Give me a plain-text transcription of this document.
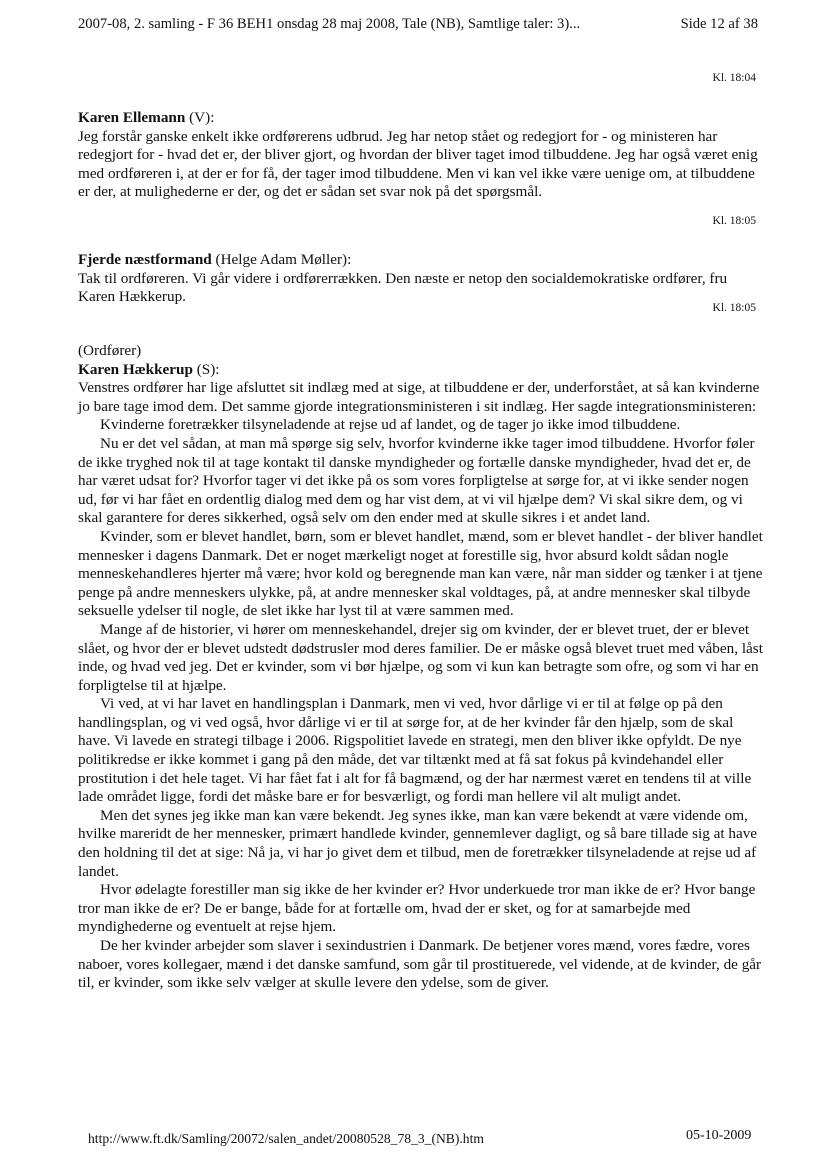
2007-08, 2. samling - F 36 BEH1 onsdag 28 maj 2008, Tale (NB), Samtlige taler: 3)...	Side 12 af 38
Kl. 18:04
Karen Ellemann (V):

Jeg forstår ganske enkelt ikke ordførerens udbrud. Jeg har netop stået og redegjort for - og ministeren har redegjort for - hvad det er, der bliver gjort, og hvordan der bliver taget imod tilbuddene. Jeg har også været enig med ordføreren i, at der er for få, der tager imod tilbuddene. Men vi kan vel ikke være uenige om, at tilbuddene er der, at mulighederne er der, og det er sådan set svar nok på det spørgsmål.

Kl. 18:05
Fjerde næstformand (Helge Adam Møller):

Tak til ordføreren. Vi går videre i ordførerrækken. Den næste er netop den socialdemokratiske ordfører, fru Karen Hækkerup.

Kl. 18:05
(Ordfører)
Karen Hækkerup (S):

Venstres ordfører har lige afsluttet sit indlæg med at sige, at tilbuddene er der, underforstået, at så kan kvinderne jo bare tage imod dem. Det samme gjorde integrationsministeren i sit indlæg. Her sagde integrationsministeren:

Kvinderne foretrækker tilsyneladende at rejse ud af landet, og de tager jo ikke imod tilbuddene.

Nu er det vel sådan, at man må spørge sig selv, hvorfor kvinderne ikke tager imod tilbuddene. Hvorfor føler de ikke tryghed nok til at tage kontakt til danske myndigheder og fortælle danske myndigheder, hvad det er, de har været udsat for? Hvorfor tager vi det ikke på os som vores forpligtelse at sørge for, at vi ikke sender nogen ud, før vi har fået en ordentlig dialog med dem og har vist dem, at vi vil hjælpe dem? Vi skal sikre dem, og vi skal garantere for deres sikkerhed, også selv om den ender med at skulle sikres i et andet land.

Kvinder, som er blevet handlet, børn, som er blevet handlet, mænd, som er blevet handlet - der bliver handlet mennesker i dagens Danmark. Det er noget mærkeligt noget at forestille sig, hvor absurd koldt sådan nogle menneskehandleres hjerter må være; hvor kold og beregnende man kan være, når man sidder og tænker i at tjene penge på andre menneskers ulykke, på, at andre mennesker skal voldtages, på, at andre mennesker skal tilbyde seksuelle ydelser til nogle, de slet ikke har lyst til at være sammen med.

Mange af de historier, vi hører om menneskehandel, drejer sig om kvinder, der er blevet truet, der er blevet slået, og hvor der er blevet udstedt dødstrusler mod deres familier. De er måske også blevet truet med våben, låst inde, og hvad ved jeg. Det er kvinder, som vi bør hjælpe, og som vi kun kan betragte som ofre, og som vi har en forpligtelse til at hjælpe.

Vi ved, at vi har lavet en handlingsplan i Danmark, men vi ved, hvor dårlige vi er til at følge op på den handlingsplan, og vi ved også, hvor dårlige vi er til at sørge for, at de her kvinder får den hjælp, som de skal have. Vi lavede en strategi tilbage i 2006. Rigspolitiet lavede en strategi, men den bliver ikke opfyldt. De nye politikredse er ikke kommet i gang på den måde, det var tiltænkt med at få sat fokus på kvindehandel eller prostitution i det hele taget. Vi har fået fat i alt for få bagmænd, og der har nærmest været en tendens til at ville lade området ligge, fordi det måske bare er for besværligt, og fordi man hellere vil alt muligt andet.

Men det synes jeg ikke man kan være bekendt. Jeg synes ikke, man kan være bekendt at være vidende om, hvilke mareridt de her mennesker, primært handlede kvinder, gennemlever dagligt, og så bare tillade sig at have den holdning til det at sige: Nå ja, vi har jo givet dem et tilbud, men de foretrækker tilsyneladende at rejse ud af landet.

Hvor ødelagte forestiller man sig ikke de her kvinder er? Hvor underkuede tror man ikke de er? Hvor bange tror man ikke de er? De er bange, både for at fortælle om, hvad der er sket, og for at samarbejde med myndighederne og eventuelt at rejse hjem.

De her kvinder arbejder som slaver i sexindustrien i Danmark. De betjener vores mænd, vores fædre, vores naboer, vores kollegaer, mænd i det danske samfund, som går til prostituerede, vel vidende, at de kvinder, de går til, er kvinder, som ikke selv vælger at skulle levere den ydelse, som de giver.

http://www.ft.dk/Samling/20072/salen_andet/20080528_78_3_(NB).htm	05-10-2009
